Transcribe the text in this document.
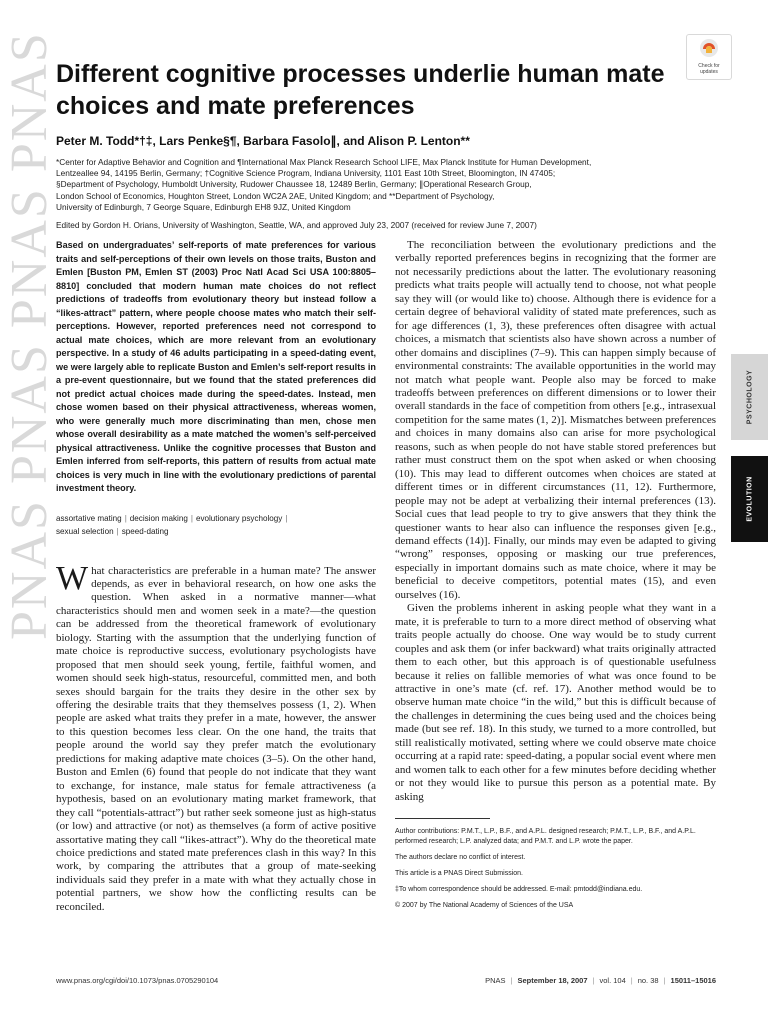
PNAS PNAS PNAS PNAS
Different cognitive processes underlie human mate choices and mate preferences
Check for
updates
Peter M. Todd*†‡, Lars Penke§¶, Barbara Fasolo∥, and Alison P. Lenton**
*Center for Adaptive Behavior and Cognition and ¶International Max Planck Research School LIFE, Max Planck Institute for Human Development,
Lentzeallee 94, 14195 Berlin, Germany; †Cognitive Science Program, Indiana University, 1101 East 10th Street, Bloomington, IN 47405;
§Department of Psychology, Humboldt University, Rudower Chaussee 18, 12489 Berlin, Germany; ∥Operational Research Group,
London School of Economics, Houghton Street, London WC2A 2AE, United Kingdom; and **Department of Psychology,
University of Edinburgh, 7 George Square, Edinburgh EH8 9JZ, United Kingdom
Edited by Gordon H. Orians, University of Washington, Seattle, WA, and approved July 23, 2007 (received for review June 7, 2007)

Based on undergraduates’ self-reports of mate preferences for various traits and self-perceptions of their own levels on those traits, Buston and Emlen [Buston PM, Emlen ST (2003) Proc Natl Acad Sci USA 100:8805–8810] concluded that modern human mate choices do not reflect predictions of tradeoffs from evolutionary theory but instead follow a “likes-attract” pattern, where people choose mates who match their self-perceptions. However, reported preferences need not correspond to actual mate choices, which are more relevant from an evolutionary perspective. In a study of 46 adults participating in a speed-dating event, we were largely able to replicate Buston and Emlen’s self-report results in a pre-event questionnaire, but we found that the stated preferences did not predict actual choices made during the speed-dates. Instead, men chose women based on their physical attractiveness, whereas women, who were generally much more discriminating than men, chose men whose overall desirability as a mate matched the women’s self-perceived physical attractiveness. Unlike the cognitive processes that Buston and Emlen inferred from self-reports, this pattern of results from actual mate choices is very much in line with the evolutionary predictions of parental investment theory.

assortative mating | decision making | evolutionary psychology |
sexual selection | speed-dating

What characteristics are preferable in a human mate? The answer depends, as ever in behavioral research, on how one asks the question. When asked in a normative manner—what characteristics should men and women seek in a mate?—the question can be addressed from the theoretical framework of evolutionary biology. Starting with the assumption that the underlying function of mate choice is reproductive success, evolutionary psychologists have proposed that men should seek young, fertile, faithful women, and women should seek high-status, resourceful, committed men, and both sexes should bargain for the traits they desire in the other sex by offering the desirable traits that they themselves possess (1, 2). When people are asked what traits they prefer in a mate, however, the answer to this question becomes less clear. On the one hand, the traits that people around the world say they prefer match the evolutionary predictions for making adaptive mate choices (3–5). On the other hand, Buston and Emlen (6) found that people do not indicate that they want to exchange, for instance, male status for female attractiveness (a hypothesis, based on an evolutionary mating market framework, that they call “potentials-attract”) but rather seek someone just as high-status (or low) and attractive (or not) as themselves (a form of active positive assortative mating they call “likes-attract”). Why do the theoretical mate choice predictions and stated mate preferences clash in this way? In this work, by comparing the attributes that a group of mate-seeking individuals said they prefer in a mate with what they actually chose in potential partners, we show how the conflicting results can be reconciled.

The reconciliation between the evolutionary predictions and the verbally reported preferences begins in recognizing that the former are not necessarily predictions about the latter. The evolutionary reasoning predicts what traits people will actually tend to choose, not what people say they will (or would like to) choose. Although there is evidence for a certain degree of behavioral validity of stated mate preferences, such as for age differences (1, 3), these preferences often disagree with actual choices, a mismatch that scientists also have shown across a number of other domains and disciplines (7–9). This can happen simply because of environmental constraints: The available opportunities in the world may not match what people want. People also may be forced to make tradeoffs between preferences on different dimensions or to lower their overall standards in the face of competition from others [e.g., intrasexual competition for the same mates (1, 2)]. Mismatches between preferences and choices in many domains also can arise for more psychological reasons, such as when people do not have stable stored preferences but rather must construct them on the spot when asked or when choosing (10). This may lead to different outcomes when choices are stated at different times or in different circumstances (11, 12). Furthermore, people may not be adept at verbalizing their internal preferences (13). Social cues that lead people to try to give answers that they think the questioner wants to hear also can influence the responses given [e.g., demand effects (14)]. Finally, our minds may even be adapted to giving “wrong” responses, opposing or masking our true preferences, especially in important domains such as mate choice, where it may be beneficial to deceive competitors, potential mates (15), and even ourselves (16).

Given the problems inherent in asking people what they want in a mate, it is preferable to turn to a more direct method of observing what traits people actually do choose. One way would be to study current couples and ask them (or infer backward) what traits originally attracted them to each other, but this approach is of questionable usefulness because it relies on fallible memories of what was once found to be attractive in one’s mate (cf. ref. 17). Another method would be to observe human mate choice “in the wild,” but this is difficult because of the challenges in determining the cues being used and the choices being made (but see ref. 18). In this study, we turned to a more controlled, but still realistically motivated, setting where we could observe mate choice occurring at a rapid rate: speed-dating, a popular social event where men and women talk to each other for a few minutes before deciding whether or not they would like to pursue this person as a potential mate. By asking

Author contributions: P.M.T., L.P., B.F., and A.P.L. designed research; P.M.T., L.P., B.F., and A.P.L. performed research; L.P. analyzed data; and P.M.T. and L.P. wrote the paper.
The authors declare no conflict of interest.
This article is a PNAS Direct Submission.
‡To whom correspondence should be addressed. E-mail: pmtodd@indiana.edu.
© 2007 by The National Academy of Sciences of the USA
PSYCHOLOGY
EVOLUTION
www.pnas.org/cgi/doi/10.1073/pnas.0705290104	PNAS | September 18, 2007 | vol. 104 | no. 38 | 15011–15016
